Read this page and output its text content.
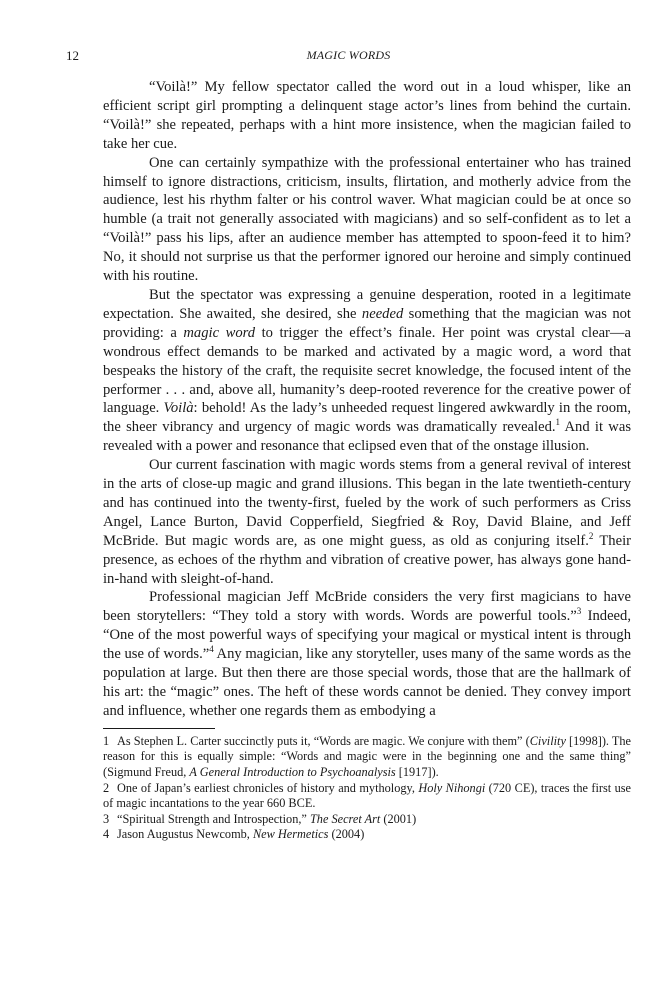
12	MAGIC WORDS

“Voilà!” My fellow spectator called the word out in a loud whisper, like an efficient script girl prompting a delinquent stage actor’s lines from behind the curtain. “Voilà!” she repeated, perhaps with a hint more insistence, when the magician failed to take her cue.

One can certainly sympathize with the professional entertainer who has trained himself to ignore distractions, criticism, insults, flirtation, and motherly advice from the audience, lest his rhythm falter or his control waver. What magician could be at once so humble (a trait not generally associated with magicians) and so self-confident as to let a “Voilà!” pass his lips, after an audience member has attempted to spoon-feed it to him? No, it should not surprise us that the performer ignored our heroine and simply continued with his routine.

But the spectator was expressing a genuine desperation, rooted in a legitimate expectation. She awaited, she desired, she needed something that the magician was not providing: a magic word to trigger the effect’s finale. Her point was crystal clear—a wondrous effect demands to be marked and activated by a magic word, a word that bespeaks the history of the craft, the requisite secret knowledge, the focused intent of the performer . . . and, above all, humanity’s deep-rooted reverence for the creative power of language. Voilà: behold! As the lady’s unheeded request lingered awkwardly in the room, the sheer vibrancy and urgency of magic words was dramatically revealed.$^1$ And it was revealed with a power and resonance that eclipsed even that of the onstage illusion.

Our current fascination with magic words stems from a general revival of interest in the arts of close-up magic and grand illusions. This began in the late twentieth-century and has continued into the twenty-first, fueled by the work of such performers as Criss Angel, Lance Burton, David Copperfield, Siegfried & Roy, David Blaine, and Jeff McBride. But magic words are, as one might guess, as old as conjuring itself.$^2$ Their presence, as echoes of the rhythm and vibration of creative power, has always gone hand-in-hand with sleight-of-hand.

Professional magician Jeff McBride considers the very first magicians to have been storytellers: “They told a story with words. Words are powerful tools.”$^3$ Indeed, “One of the most powerful ways of specifying your magical or mystical intent is through the use of words.”$^4$ Any magician, like any storyteller, uses many of the same words as the population at large. But then there are those special words, those that are the hallmark of his art: the “magic” ones. The heft of these words cannot be denied. They convey import and influence, whether one regards them as embodying a

1 As Stephen L. Carter succinctly puts it, “Words are magic. We conjure with them” (Civility [1998]). The reason for this is equally simple: “Words and magic were in the beginning one and the same thing” (Sigmund Freud, A General Introduction to Psychoanalysis [1917]).

2 One of Japan’s earliest chronicles of history and mythology, Holy Nihongi (720 CE), traces the first use of magic incantations to the year 660 BCE.

3 “Spiritual Strength and Introspection,” The Secret Art (2001)

4 Jason Augustus Newcomb, New Hermetics (2004)
